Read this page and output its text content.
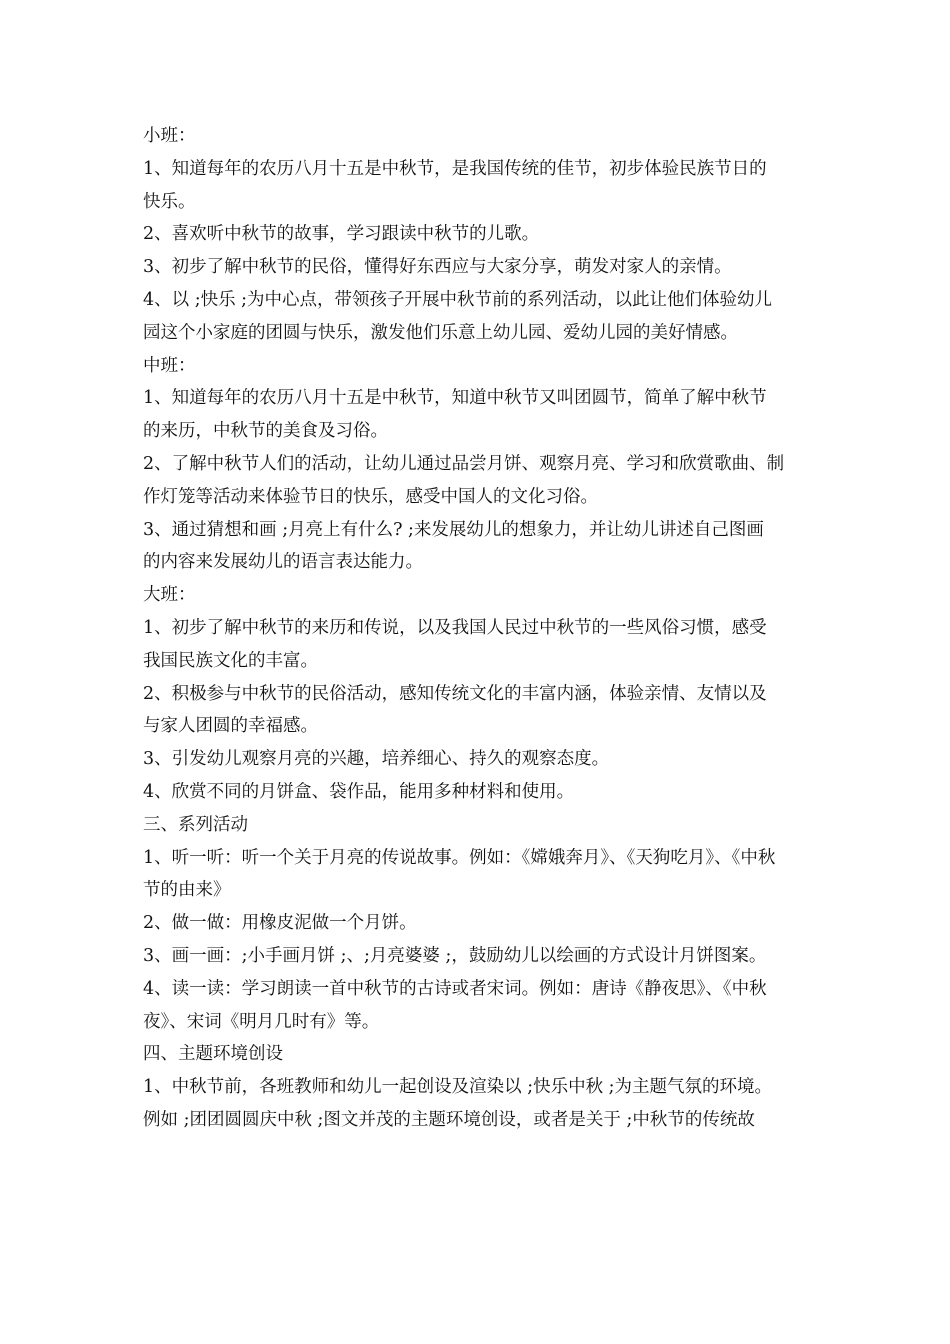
小班：
1、知道每年的农历八月十五是中秋节，是我国传统的佳节，初步体验民族节日的
快乐。
2、喜欢听中秋节的故事，学习跟读中秋节的儿歌。
3、初步了解中秋节的民俗，懂得好东西应与大家分享，萌发对家人的亲情。
4、以 ;快乐 ;为中心点，带领孩子开展中秋节前的系列活动，以此让他们体验幼儿
园这个小家庭的团圆与快乐，激发他们乐意上幼儿园、爱幼儿园的美好情感。
中班：
1、知道每年的农历八月十五是中秋节，知道中秋节又叫团圆节，简单了解中秋节
的来历，中秋节的美食及习俗。
2、了解中秋节人们的活动，让幼儿通过品尝月饼、观察月亮、学习和欣赏歌曲、制
作灯笼等活动来体验节日的快乐，感受中国人的文化习俗。
3、通过猜想和画 ;月亮上有什么? ;来发展幼儿的想象力，并让幼儿讲述自己图画
的内容来发展幼儿的语言表达能力。
大班：
1、初步了解中秋节的来历和传说，以及我国人民过中秋节的一些风俗习惯，感受
我国民族文化的丰富。
2、积极参与中秋节的民俗活动，感知传统文化的丰富内涵，体验亲情、友情以及
与家人团圆的幸福感。
3、引发幼儿观察月亮的兴趣，培养细心、持久的观察态度。
4、欣赏不同的月饼盒、袋作品，能用多种材料和使用。
三、系列活动
1、听一听：听一个关于月亮的传说故事。例如：《嫦娥奔月》、《天狗吃月》、《中秋
节的由来》
2、做一做：用橡皮泥做一个月饼。
3、画一画：;小手画月饼 ;、;月亮婆婆 ;，鼓励幼儿以绘画的方式设计月饼图案。
4、读一读：学习朗读一首中秋节的古诗或者宋词。例如：唐诗《静夜思》、《中秋
夜》、宋词《明月几时有》等。
四、主题环境创设
1、中秋节前，各班教师和幼儿一起创设及渲染以 ;快乐中秋 ;为主题气氛的环境。
例如 ;团团圆圆庆中秋 ;图文并茂的主题环境创设，或者是关于 ;中秋节的传统故
